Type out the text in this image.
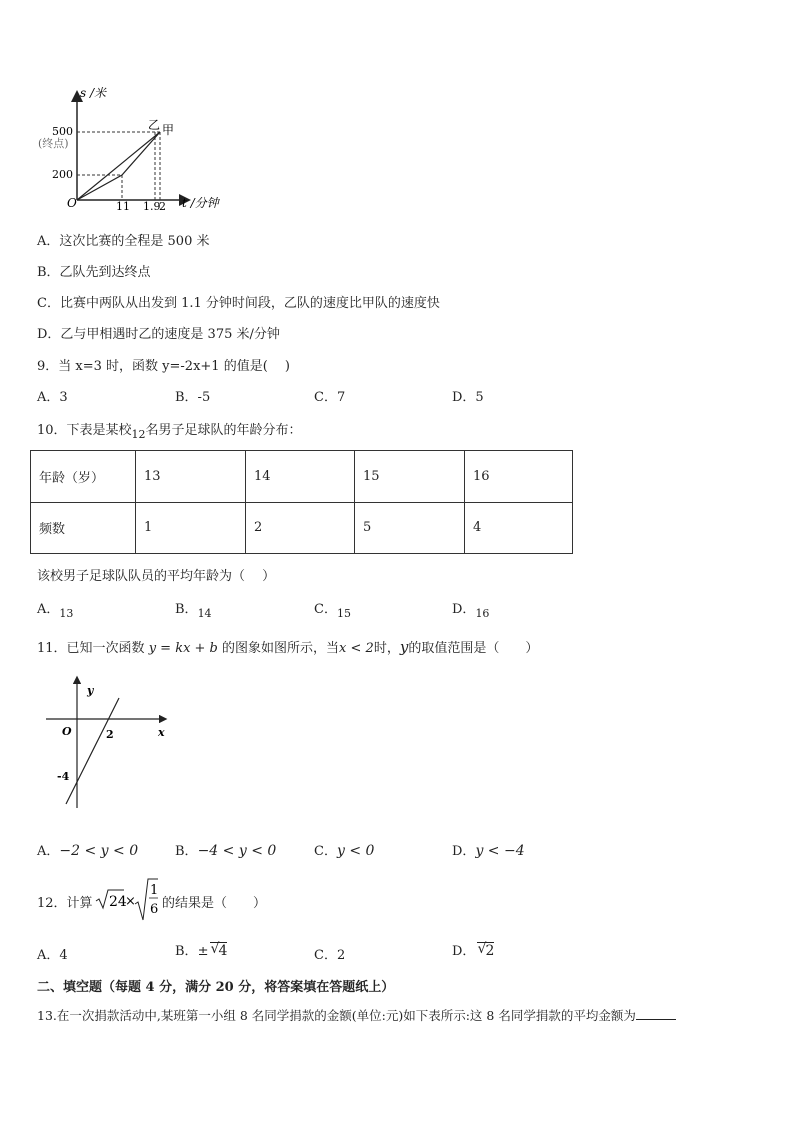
s /米
500
(终点)
200
O	11 1.9
2 t /分钟
乙 甲
A．这次比赛的全程是 500 米
B．乙队先到达终点
C．比赛中两队从出发到 1.1 分钟时间段，乙队的速度比甲队的速度快
D．乙与甲相遇时乙的速度是 375 米/分钟
9．当 x=3 时，函数 y=-2x+1 的值是(　 )
A．3	B．-5	C．7	D．5
10．下表是某校$_{12}$名男子足球队的年龄分布：
年龄（岁）	13	14	15	16
频数	1	2	5	4
该校男子足球队队员的平均年龄为（　 ）
A．$_{13}$	B．$_{14}$	C．$_{15}$	D．$_{16}$
11．已知一次函数 y = kx + b 的图象如图所示，当x < 2时，y的取值范围是（　　）
y
x
O	2
-4
A．−2 < y < 0	B．−4 < y < 0	C．y < 0	D．y < −4
12．计算 24
×
1
6 的结果是（　　）
A．4	B．± √ 4	C．2	D． √ 2
二、填空题（每题 4 分，满分 20 分，将答案填在答题纸上）
13.在一次捐款活动中,某班第一小组 8 名同学捐款的金额(单位:元)如下表所示:这 8 名同学捐款的平均金额为
